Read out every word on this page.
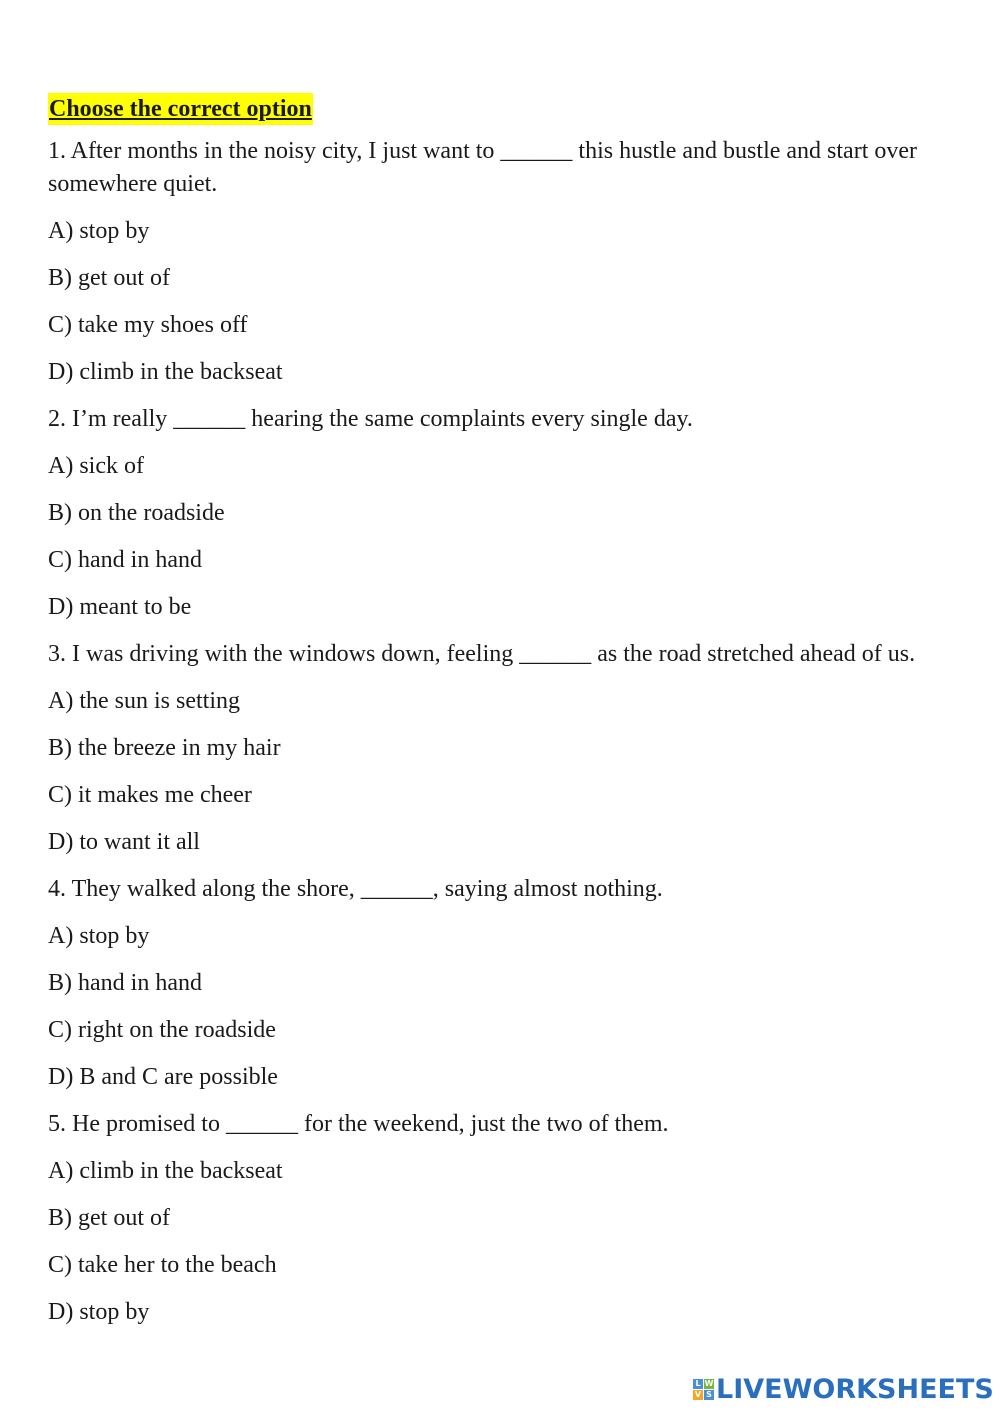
Choose the correct option
1. After months in the noisy city, I just want to ______ this hustle and bustle and start over somewhere quiet.
A) stop by
B) get out of
C) take my shoes off
D) climb in the backseat
2. I’m really ______ hearing the same complaints every single day.
A) sick of
B) on the roadside
C) hand in hand
D) meant to be
3. I was driving with the windows down, feeling ______ as the road stretched ahead of us.
A) the sun is setting
B) the breeze in my hair
C) it makes me cheer
D) to want it all
4. They walked along the shore, ______, saying almost nothing.
A) stop by
B) hand in hand
C) right on the roadside
D) B and C are possible
5. He promised to ______ for the weekend, just the two of them.
A) climb in the backseat
B) get out of
C) take her to the beach
D) stop by
L W
V S LIVEWORKSHEETS
